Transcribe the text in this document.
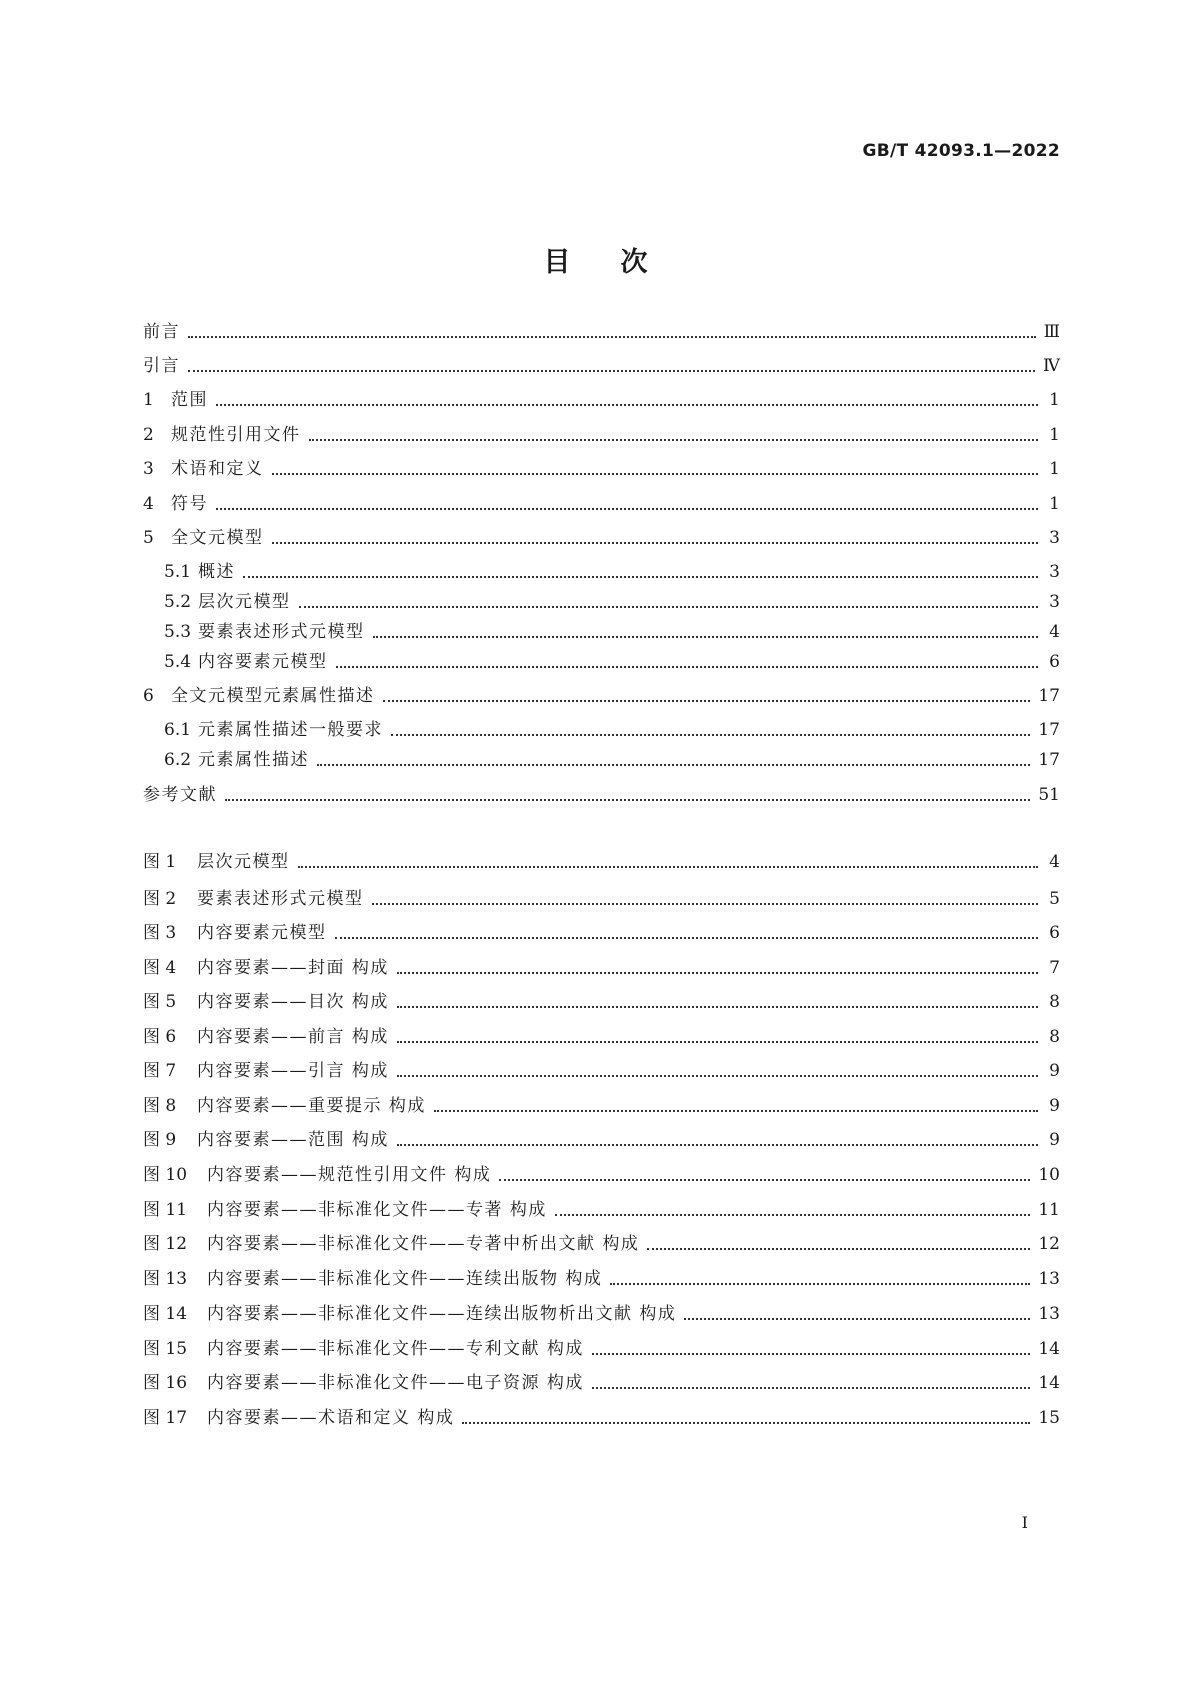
GB/T 42093.1—2022
目次
前言	Ⅲ
引言	Ⅳ
1	范围	1
2	规范性引用文件	1
3	术语和定义	1
4	符号	1
5	全文元模型	3
5.1 概述	3
5.2 层次元模型	3
5.3 要素表述形式元模型	4
5.4 内容要素元模型	6
6	全文元模型元素属性描述	17
6.1 元素属性描述一般要求	17
6.2 元素属性描述	17
参考文献	51
图 1	层次元模型	4
图 2	要素表述形式元模型	5
图 3	内容要素元模型	6
图 4	内容要素——封面 构成	7
图 5	内容要素——目次 构成	8
图 6	内容要素——前言 构成	8
图 7	内容要素——引言 构成	9
图 8	内容要素——重要提示 构成	9
图 9	内容要素——范围 构成	9
图 10	内容要素——规范性引用文件 构成	10
图 11	内容要素——非标准化文件——专著 构成	11
图 12	内容要素——非标准化文件——专著中析出文献 构成	12
图 13	内容要素——非标准化文件——连续出版物 构成	13
图 14	内容要素——非标准化文件——连续出版物析出文献 构成	13
图 15	内容要素——非标准化文件——专利文献 构成	14
图 16	内容要素——非标准化文件——电子资源 构成	14
图 17	内容要素——术语和定义 构成	15
I
